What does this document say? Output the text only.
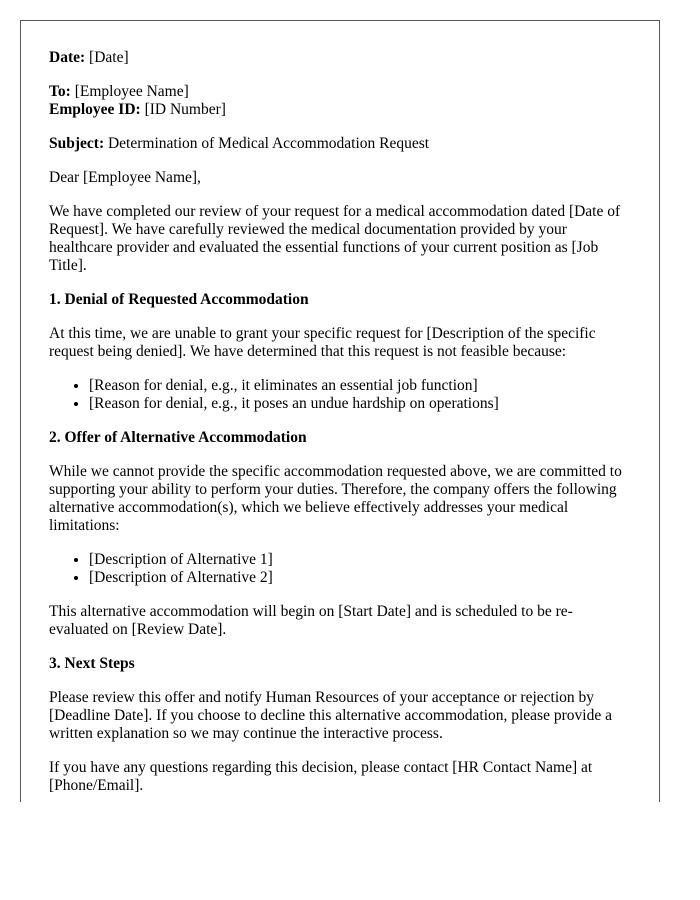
Date: [Date]

To: [Employee Name]

Employee ID: [ID Number]

Subject: Determination of Medical Accommodation Request

Dear [Employee Name],

We have completed our review of your request for a medical accommodation dated [Date of Request]. We have carefully reviewed the medical documentation provided by your healthcare provider and evaluated the essential functions of your current position as [Job Title].

1. Denial of Requested Accommodation

At this time, we are unable to grant your specific request for [Description of the specific request being denied]. We have determined that this request is not feasible because:

• [Reason for denial, e.g., it eliminates an essential job function]
• [Reason for denial, e.g., it poses an undue hardship on operations]
2. Offer of Alternative Accommodation

While we cannot provide the specific accommodation requested above, we are committed to supporting your ability to perform your duties. Therefore, the company offers the following alternative accommodation(s), which we believe effectively addresses your medical limitations:

• [Description of Alternative 1]
• [Description of Alternative 2]

This alternative accommodation will begin on [Start Date] and is scheduled to be re-evaluated on [Review Date].

3. Next Steps

Please review this offer and notify Human Resources of your acceptance or rejection by [Deadline Date]. If you choose to decline this alternative accommodation, please provide a written explanation so we may continue the interactive process.

If you have any questions regarding this decision, please contact [HR Contact Name] at [Phone/Email].
